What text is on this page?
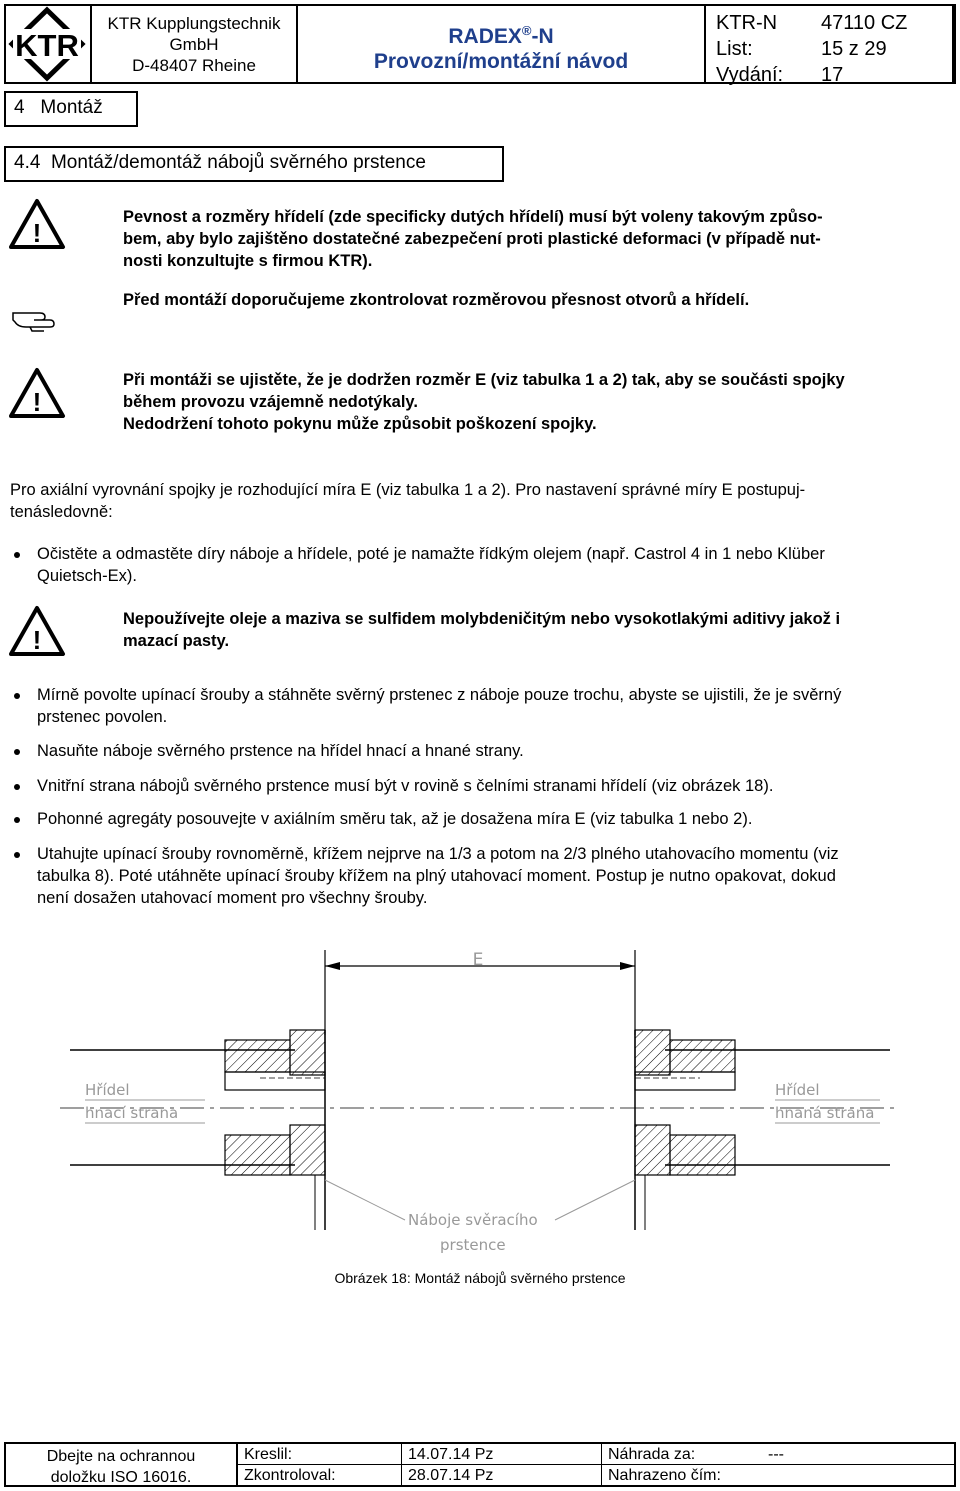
KTR
KTR Kupplungstechnik
GmbH
D-48407 Rheine
RADEX®-N
Provozní/montážní návod
KTR-N 47110 CZ
List:	15 z 29
Vydání: 17
4 Montáž
4.4 Montáž/demontáž nábojů svěrného prstence
!
Pevnost a rozměry hřídelí (zde specificky dutých hřídelí) musí být voleny takovým způso-
bem, aby bylo zajištěno dostatečné zabezpečení proti plastické deformaci (v případě nut-
nosti konzultujte s firmou KTR).
Před montáží doporučujeme zkontrolovat rozměrovou přesnost otvorů a hřídelí.
!
Při montáži se ujistěte, že je dodržen rozměr E (viz tabulka 1 a 2) tak, aby se součásti spojky
během provozu vzájemně nedotýkaly.
Nedodržení tohoto pokynu může způsobit poškození spojky.
Pro axiální vyrovnání spojky je rozhodující míra E (viz tabulka 1 a 2). Pro nastavení správné míry E postupuj-
tenásledovně:
Očistěte a odmastěte díry náboje a hřídele, poté je namažte řídkým olejem (např. Castrol 4 in 1 nebo Klüber
Quietsch-Ex).
!
Nepoužívejte oleje a maziva se sulfidem molybdeničitým nebo vysokotlakými aditivy jakož i
mazací pasty.
Mírně povolte upínací šrouby a stáhněte svěrný prstenec z náboje pouze trochu, abyste se ujistili, že je svěrný
prstenec povolen.
Nasuňte náboje svěrného prstence na hřídel hnací a hnané strany.
Vnitřní strana nábojů svěrného prstence musí být v rovině s čelními stranami hřídelí (viz obrázek 18).
Pohonné agregáty posouvejte v axiálním směru tak, až je dosažena míra E (viz tabulka 1 nebo 2).
Utahujte upínací šrouby rovnoměrně, křížem nejprve na 1/3 a potom na 2/3 plného utahovacího momentu (viz
tabulka 8). Poté utáhněte upínací šrouby křížem na plný utahovací moment. Postup je nutno opakovat, dokud
není dosažen utahovací moment pro všechny šrouby.
E
Hřídel
hnací strana
Hřídel
hnaná strana
Náboje svěracího
prstence
Obrázek 18: Montáž nábojů svěrného prstence
Dbejte na ochrannou
doložku ISO 16016.
Kreslil:
Zkontroloval:
14.07.14 Pz
28.07.14 Pz
Náhrada za:
Nahrazeno čím:
---
